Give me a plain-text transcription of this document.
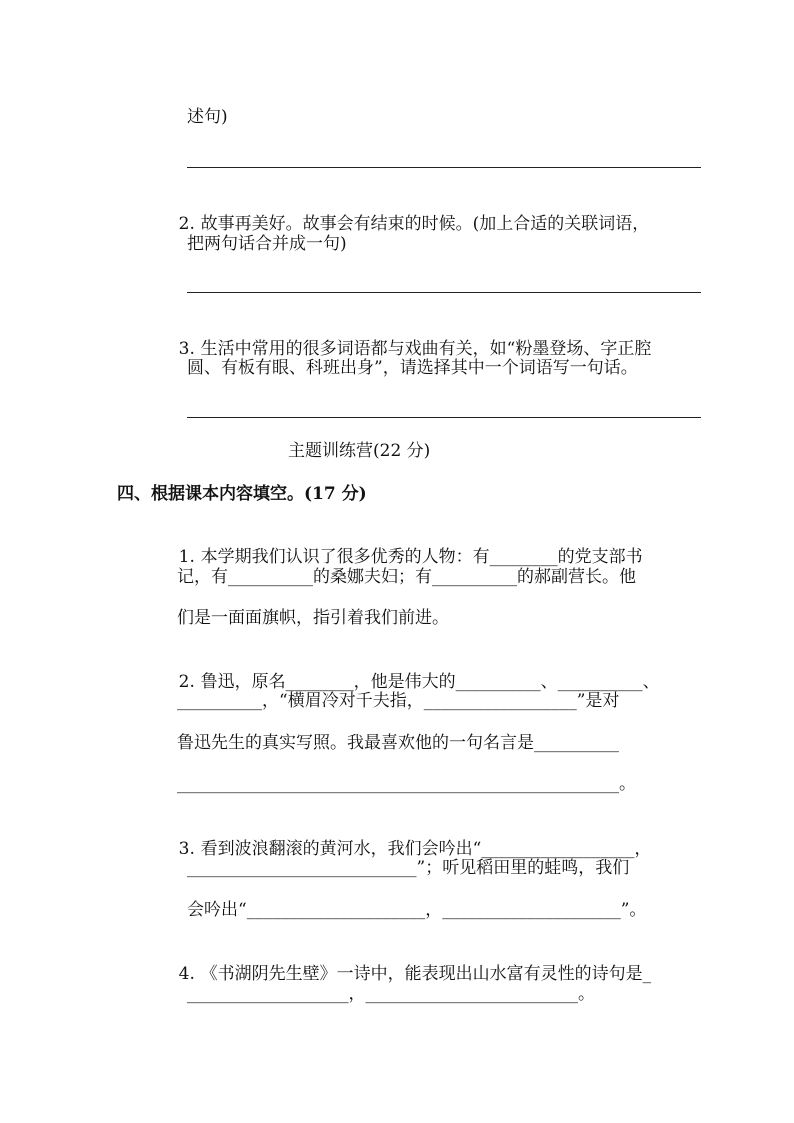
述句)

2. 故事再美好。故事会有结束的时候。(加上合适的关联词语，

把两句话合并成一句)

3. 生活中常用的很多词语都与戏曲有关，如“粉墨登场、字正腔

圆、有板有眼、科班出身”，请选择其中一个词语写一句话。
主题训练营(22 分)
四、根据课本内容填空。(17 分)

1. 本学期我们认识了很多优秀的人物：有________的党支部书

记，有__________的桑娜夫妇；有__________的郝副营长。他
们是一面面旗帜，指引着我们前进。

2. 鲁迅，原名________，他是伟大的__________、__________、

__________，“横眉冷对千夫指，__________________”是对
鲁迅先生的真实写照。我最喜欢他的一句名言是__________
____________________________________________________。

3. 看到波浪翻滚的黄河水，我们会吟出“__________________，

___________________________”；听见稻田里的蛙鸣，我们
会吟出“_____________________，_____________________”。

4. 《书湖阴先生壁》一诗中，能表现出山水富有灵性的诗句是_

___________________，_________________________。
